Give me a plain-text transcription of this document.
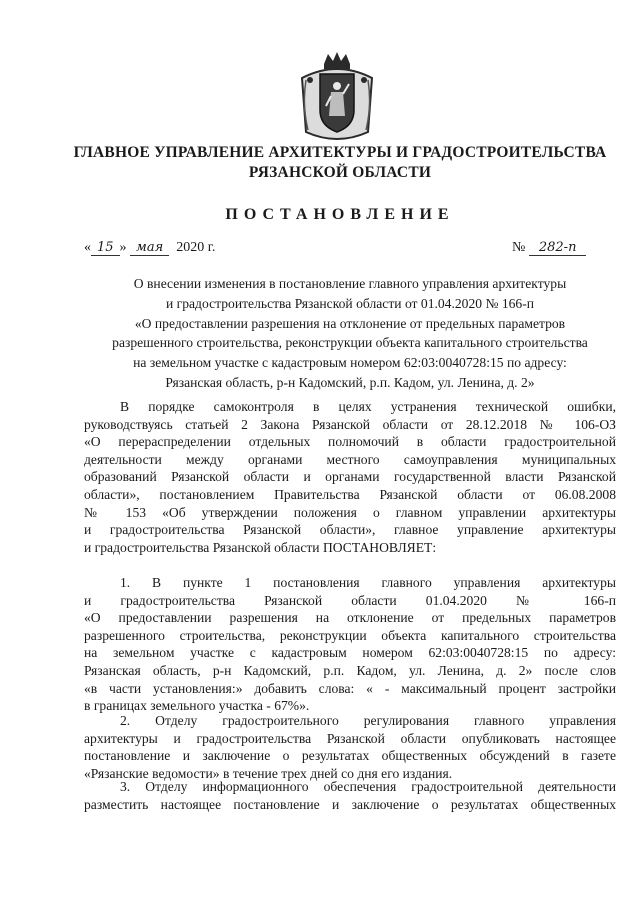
ГЛАВНОЕ УПРАВЛЕНИЕ АРХИТЕКТУРЫ И ГРАДОСТРОИТЕЛЬСТВА
РЯЗАНСКОЙ ОБЛАСТИ
ПОСТАНОВЛЕНИЕ
« 15 » мая 2020 г.	№ 282-п
О внесении изменения в постановление главного управления архитектуры
и градостроительства Рязанской области от 01.04.2020 № 166-п
«О предоставлении разрешения на отклонение от предельных параметров
разрешенного строительства, реконструкции объекта капитального строительства
на земельном участке с кадастровым номером 62:03:0040728:15 по адресу:
Рязанская область, р-н Кадомский, р.п. Кадом, ул. Ленина, д. 2»
В порядке самоконтроля в целях устранения технической ошибки,
руководствуясь статьей 2 Закона Рязанской области от 28.12.2018 № 106-ОЗ
«О перераспределении отдельных полномочий в области градостроительной
деятельности между органами местного самоуправления муниципальных
образований Рязанской области и органами государственной власти Рязанской
области», постановлением Правительства Рязанской области от 06.08.2008
№ 153 «Об утверждении положения о главном управлении архитектуры
и градостроительства Рязанской области», главное управление архитектуры
и градостроительства Рязанской области ПОСТАНОВЛЯЕТ:
1. В пункте 1 постановления главного управления архитектуры
и градостроительства Рязанской области 01.04.2020 № 166-п
«О предоставлении разрешения на отклонение от предельных параметров
разрешенного строительства, реконструкции объекта капитального строительства
на земельном участке с кадастровым номером 62:03:0040728:15 по адресу:
Рязанская область, р-н Кадомский, р.п. Кадом, ул. Ленина, д. 2» после слов
«в части установления:» добавить слова: « - максимальный процент застройки
в границах земельного участка - 67%».
2. Отделу градостроительного регулирования главного управления
архитектуры и градостроительства Рязанской области опубликовать настоящее
постановление и заключение о результатах общественных обсуждений в газете
«Рязанские ведомости» в течение трех дней со дня его издания.
3. Отделу информационного обеспечения градостроительной деятельности
разместить настоящее постановление и заключение о результатах общественных
